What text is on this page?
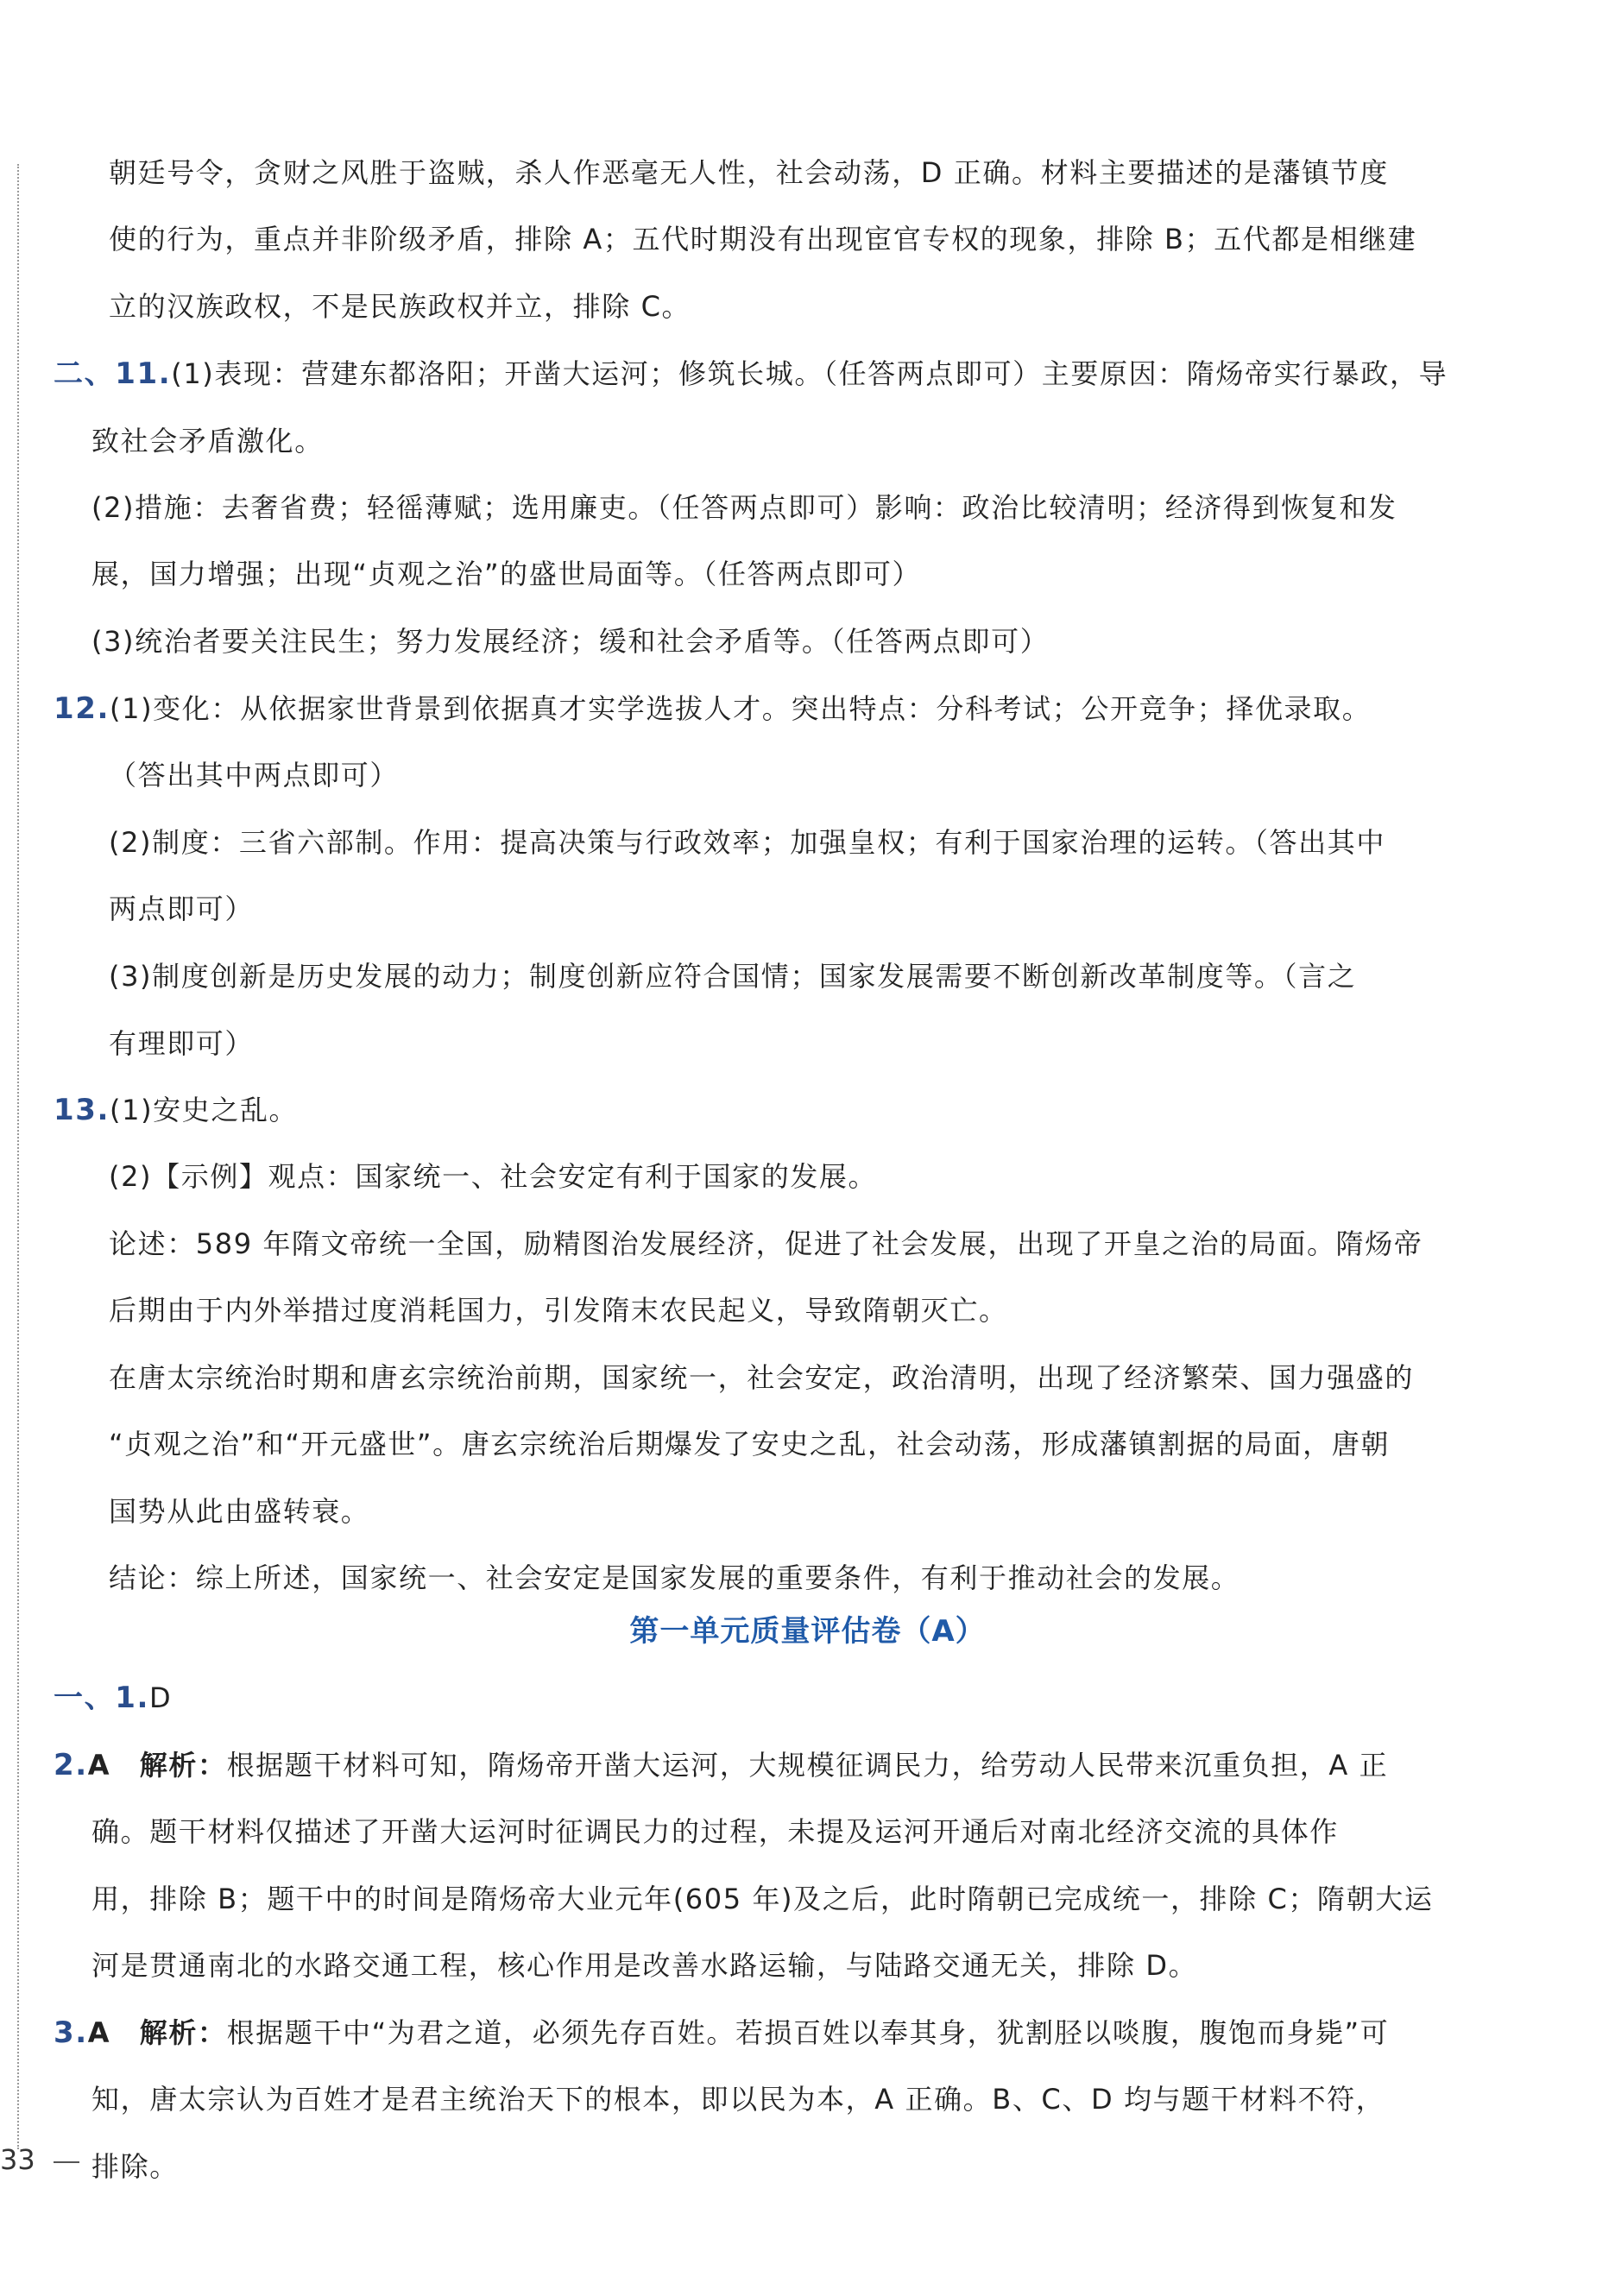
朝廷号令，贪财之风胜于盗贼，杀人作恶毫无人性，社会动荡，D 正确。材料主要描述的是藩镇节度
使的行为，重点并非阶级矛盾，排除 A；五代时期没有出现宦官专权的现象，排除 B；五代都是相继建
立的汉族政权，不是民族政权并立，排除 C。
二、11.(1)表现：营建东都洛阳；开凿大运河；修筑长城。（任答两点即可）主要原因：隋炀帝实行暴政，导
致社会矛盾激化。
(2)措施：去奢省费；轻徭薄赋；选用廉吏。（任答两点即可）影响：政治比较清明；经济得到恢复和发
展，国力增强；出现“贞观之治”的盛世局面等。（任答两点即可）
(3)统治者要关注民生；努力发展经济；缓和社会矛盾等。（任答两点即可）
12.(1)变化：从依据家世背景到依据真才实学选拔人才。突出特点：分科考试；公开竞争；择优录取。
（答出其中两点即可）
(2)制度：三省六部制。作用：提高决策与行政效率；加强皇权；有利于国家治理的运转。（答出其中
两点即可）
(3)制度创新是历史发展的动力；制度创新应符合国情；国家发展需要不断创新改革制度等。（言之
有理即可）
13.(1)安史之乱。
(2)【示例】观点：国家统一、社会安定有利于国家的发展。
论述：589 年隋文帝统一全国，励精图治发展经济，促进了社会发展，出现了开皇之治的局面。隋炀帝
后期由于内外举措过度消耗国力，引发隋末农民起义，导致隋朝灭亡。
在唐太宗统治时期和唐玄宗统治前期，国家统一，社会安定，政治清明，出现了经济繁荣、国力强盛的
“贞观之治”和“开元盛世”。唐玄宗统治后期爆发了安史之乱，社会动荡，形成藩镇割据的局面，唐朝
国势从此由盛转衰。
结论：综上所述，国家统一、社会安定是国家发展的重要条件，有利于推动社会的发展。
一、1.D
2.A　解析：根据题干材料可知，隋炀帝开凿大运河，大规模征调民力，给劳动人民带来沉重负担，A 正
确。题干材料仅描述了开凿大运河时征调民力的过程，未提及运河开通后对南北经济交流的具体作
用，排除 B；题干中的时间是隋炀帝大业元年(605 年)及之后，此时隋朝已完成统一，排除 C；隋朝大运
河是贯通南北的水路交通工程，核心作用是改善水路运输，与陆路交通无关，排除 D。
3.A　解析：根据题干中“为君之道，必须先存百姓。若损百姓以奉其身，犹割胫以啖腹，腹饱而身毙”可
知，唐太宗认为百姓才是君主统治天下的根本，即以民为本，A 正确。B、C、D 均与题干材料不符，
排除。
第一单元质量评估卷（A）
33
